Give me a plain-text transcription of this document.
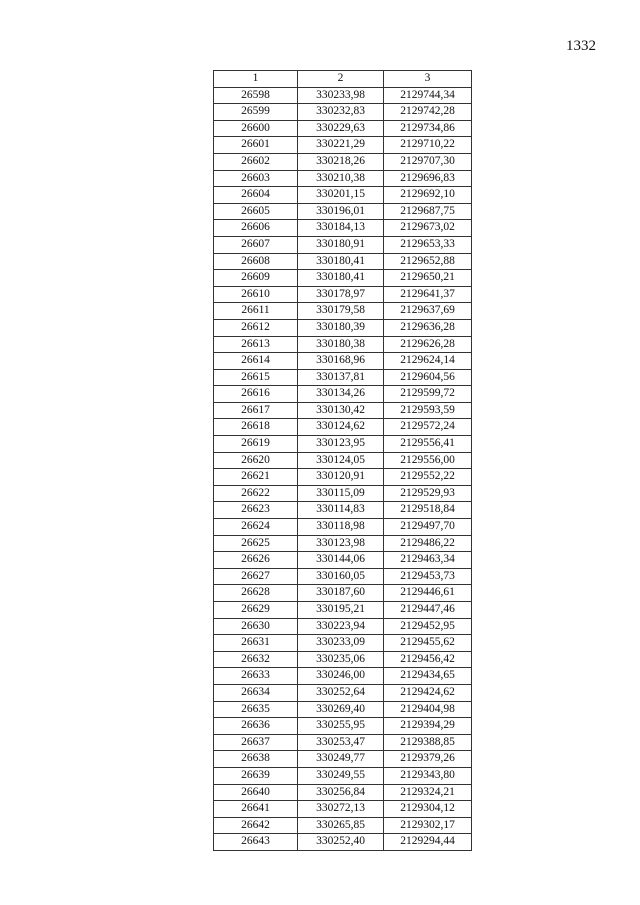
1332
1	2	3
26598	330233,98	2129744,34
26599	330232,83	2129742,28
26600	330229,63	2129734,86
26601	330221,29	2129710,22
26602	330218,26	2129707,30
26603	330210,38	2129696,83
26604	330201,15	2129692,10
26605	330196,01	2129687,75
26606	330184,13	2129673,02
26607	330180,91	2129653,33
26608	330180,41	2129652,88
26609	330180,41	2129650,21
26610	330178,97	2129641,37
26611	330179,58	2129637,69
26612	330180,39	2129636,28
26613	330180,38	2129626,28
26614	330168,96	2129624,14
26615	330137,81	2129604,56
26616	330134,26	2129599,72
26617	330130,42	2129593,59
26618	330124,62	2129572,24
26619	330123,95	2129556,41
26620	330124,05	2129556,00
26621	330120,91	2129552,22
26622	330115,09	2129529,93
26623	330114,83	2129518,84
26624	330118,98	2129497,70
26625	330123,98	2129486,22
26626	330144,06	2129463,34
26627	330160,05	2129453,73
26628	330187,60	2129446,61
26629	330195,21	2129447,46
26630	330223,94	2129452,95
26631	330233,09	2129455,62
26632	330235,06	2129456,42
26633	330246,00	2129434,65
26634	330252,64	2129424,62
26635	330269,40	2129404,98
26636	330255,95	2129394,29
26637	330253,47	2129388,85
26638	330249,77	2129379,26
26639	330249,55	2129343,80
26640	330256,84	2129324,21
26641	330272,13	2129304,12
26642	330265,85	2129302,17
26643	330252,40	2129294,44
